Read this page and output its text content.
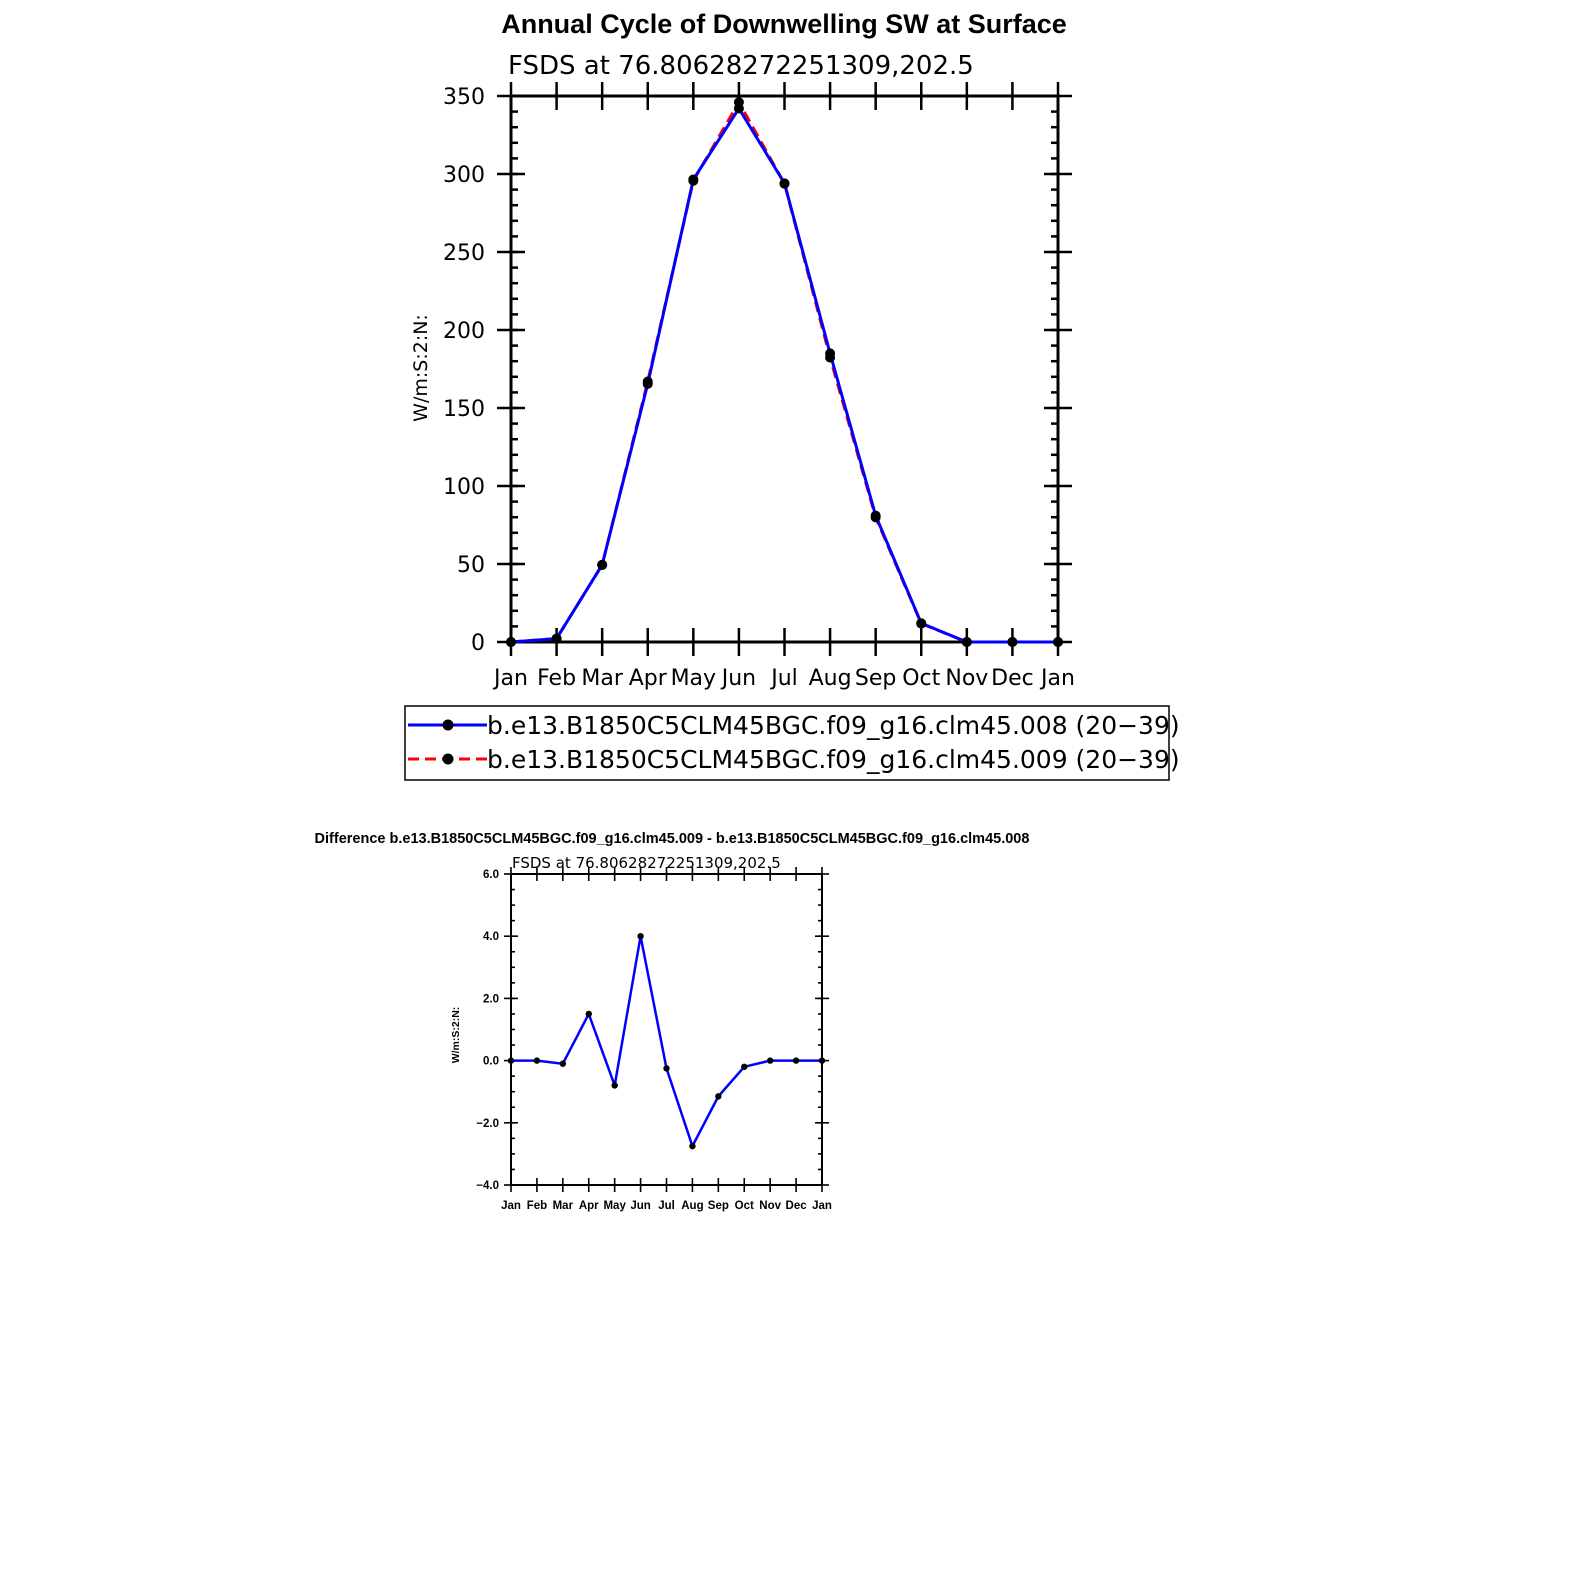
Annual Cycle of Downwelling SW at Surface
FSDS at 76.80628272251309,202.5
W/m:S:2:N:
0
50
100
150
200
250
300
350
Jan Feb Mar Apr May Jun Jul Aug Sep Oct Nov Dec Jan
b.e13.B1850C5CLM45BGC.f09_g16.clm45.008 (20−39)
b.e13.B1850C5CLM45BGC.f09_g16.clm45.009 (20−39)
Difference b.e13.B1850C5CLM45BGC.f09_g16.clm45.009 - b.e13.B1850C5CLM45BGC.f09_g16.clm45.008
FSDS at 76.80628272251309,202.5
W/m:S:2:N:
−4.0
−2.0
0.0
2.0
4.0
6.0
Jan Feb Mar Apr May Jun Jul Aug Sep Oct Nov Dec Jan
